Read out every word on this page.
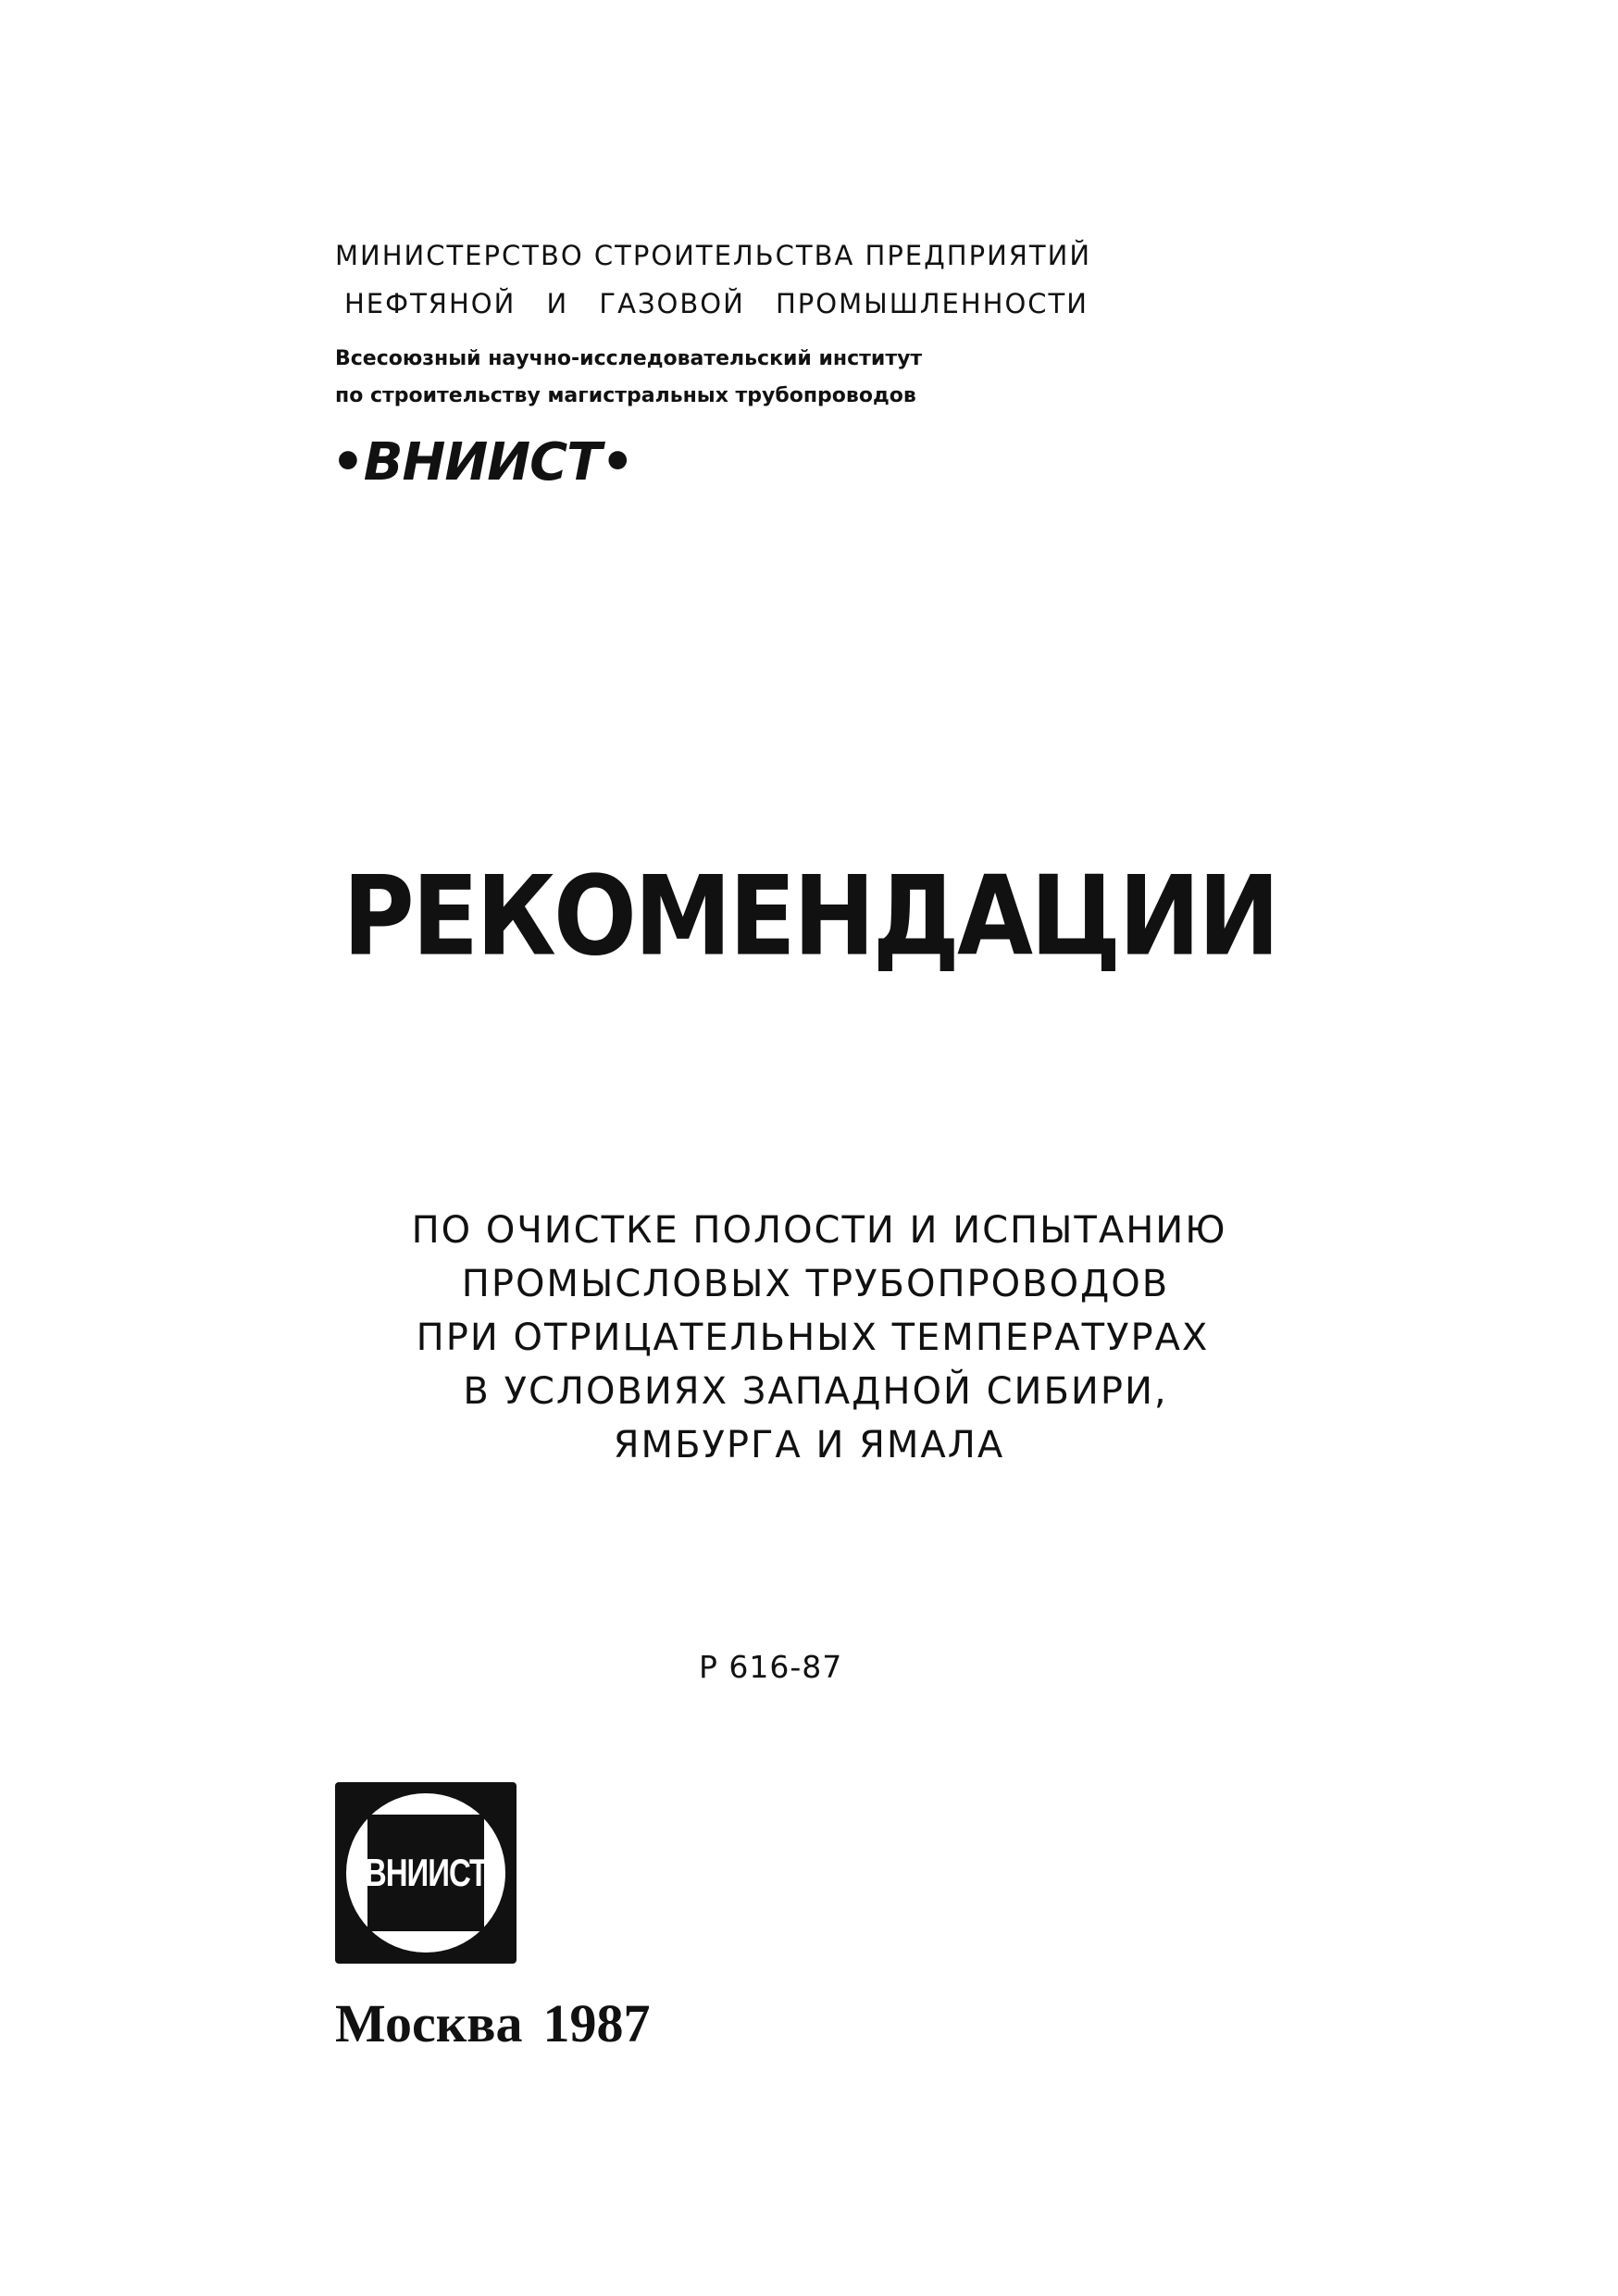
МИНИСТЕРСТВО СТРОИТЕЛЬСТВА ПРЕДПРИЯТИЙ
НЕФТЯНОЙ И ГАЗОВОЙ ПРОМЫШЛЕННОСТИ
Всесоюзный научно-исследовательский институт
по строительству магистральных трубопроводов
•ВНИИСТ•
РЕКОМЕНДАЦИИ
ПО ОЧИСТКЕ ПОЛОСТИ И ИСПЫТАНИЮ
ПРОМЫСЛОВЫХ ТРУБОПРОВОДОВ
ПРИ ОТРИЦАТЕЛЬНЫХ ТЕМПЕРАТУРАХ
В УСЛОВИЯХ ЗАПАДНОЙ СИБИРИ,
ЯМБУРГА И ЯМАЛА
Р 616-87
ВНИИСТ
Москва 1987
